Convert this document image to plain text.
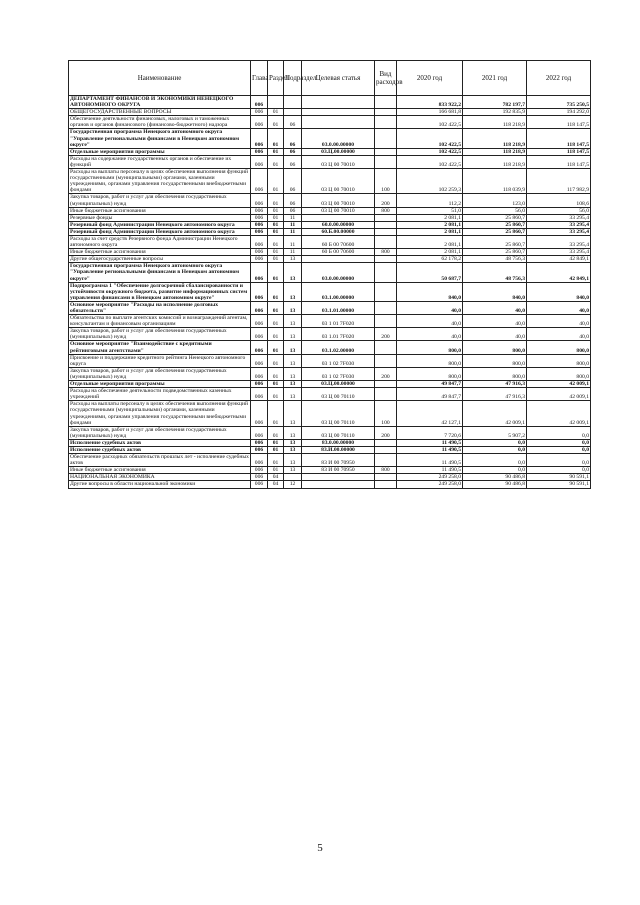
Наименование	Глава	Раздел	Подраздел	Целевая статья	Вид расходов	2020 год	2021 год	2022 год
ДЕПАРТАМЕНТ ФИНАНСОВ И ЭКОНОМИКИ НЕНЕЦКОГО АВТОНОМНОГО ОКРУГА	006					833 922,2	782 197,7	735 250,5
ОБЩЕГОСУДАРСТВЕННЫЕ ВОПРОСЫ	006	01				166 681,8	192 835,9	194 292,0
Обеспечение деятельности финансовых, налоговых и таможенных органов и органов финансового (финансово-бюджетного) надзора	006	01	06			102 422,5	118 218,9	118 147,5
Государственная программа Ненецкого автономного округа "Управление региональными финансами в Ненецком автономном округе"	006	01	06	03.0.00.00000		102 422,5	118 218,9	118 147,5
Отдельные мероприятия программы	006	01	06	03.Ц.00.00000		102 422,5	118 218,9	118 147,5
Расходы на содержание государственных органов и обеспечение их функций	006	01	06	03 Ц 00 70010		102 422,5	118 218,9	118 147,5
Расходы на выплаты персоналу в целях обеспечения выполнения функций государственными (муниципальными) органами, казенными учреждениями, органами управления государственными внебюджетными фондами	006	01	06	03 Ц 00 70010	100	102 259,3	118 039,9	117 982,9
Закупка товаров, работ и услуг для обеспечения государственных (муниципальных) нужд	006	01	06	03 Ц 00 70010	200	112,2	123,0	108,6
Иные бюджетные ассигнования	006	01	06	03 Ц 00 70010	800	51,0	56,0	56,0
Резервные фонды	006	01	11			2 081,1	25 860,7	33 295,4
Резервный фонд Администрации Ненецкого автономного округа	006	01	11	60.0.00.00000		2 081,1	25 860,7	33 295,4
Резервный фонд Администрации Ненецкого автономного округа	006	01	11	60.Б.00.00000		2 081,1	25 860,7	33 295,4
Расходы за счет средств Резервного фонда Администрации Ненецкого автономного округа	006	01	11	60 Б 00 70600		2 081,1	25 860,7	33 295,4
Иные бюджетные ассигнования	006	01	11	60 Б 00 70600	800	2 081,1	25 860,7	33 295,4
Другие общегосударственные вопросы	006	01	13			62 178,2	48 756,3	42 849,1
Государственная программа Ненецкого автономного округа "Управление региональными финансами в Ненецком автономном округе"	006	01	13	03.0.00.00000		50 687,7	48 756,3	42 849,1
Подпрограмма 1 "Обеспечение долгосрочной сбалансированности и устойчивости окружного бюджета, развитие информационных систем управления финансами в Ненецком автономном округе"	006	01	13	03.1.00.00000		840,0	840,0	840,0
Основное мероприятие "Расходы на исполнение долговых обязательств"	006	01	13	03.1.01.00000		40,0	40,0	40,0
Обязательства по выплате агентских комиссий и вознаграждений агентам, консультантам и финансовым организациям	006	01	13	03 1 01 7F020		40,0	40,0	40,0
Закупка товаров, работ и услуг для обеспечения государственных (муниципальных) нужд	006	01	13	03 1.01 7F020	200	40,0	40,0	40,0
Основное мероприятие "Взаимодействие с кредитными рейтинговыми агентствами"	006	01	13	03.1.02.00000		800,0	800,0	800,0
Присвоение и поддержание кредитного рейтинга Ненецкого автономного округа	006	01	13	03 1 02 7F030		800,0	800,0	800,0
Закупка товаров, работ и услуг для обеспечения государственных (муниципальных) нужд	006	01	13	03 1 02 7F030	200	800,0	800,0	800,0
Отдельные мероприятия программы	006	01	13	03.Ц.00.00000		49 847,7	47 916,3	42 009,1
Расходы на обеспечение деятельности подведомственных казенных учреждений	006	01	13	03 Ц 00 70110		49 847,7	47 916,3	42 009,1
Расходы на выплаты персоналу в целях обеспечения выполнения функций государственными (муниципальными) органами, казенными учреждениями, органами управления государственными внебюджетными фондами	006	01	13	03 Ц 00 70110	100	42 127,1	42 009,1	42 009,1
Закупка товаров, работ и услуг для обеспечения государственных (муниципальных) нужд	006	01	13	03 Ц 00 70110	200	7 720,6	5 907,2	0,0
Исполнение судебных актов	006	01	13	83.0.00.00000		11 490,5	0,0	0,0
Исполнение судебных актов	006	01	13	83.И.00.00000		11 490,5	0,0	0,0
Обеспечение расходных обязательств прошлых лет - исполнение судебных актов	006	01	13	83 И 00 70950		11 490,5	0,0	0,0
Иные бюджетные ассигнования	006	01	13	83 И 00 70950	800	11 490,5	0,0	0,0
НАЦИОНАЛЬНАЯ ЭКОНОМИКА	006	04				249 258,0	90 486,8	90 591,1
Другие вопросы в области национальной экономики	006	04	12			249 258,0	90 486,8	90 591,1
5
